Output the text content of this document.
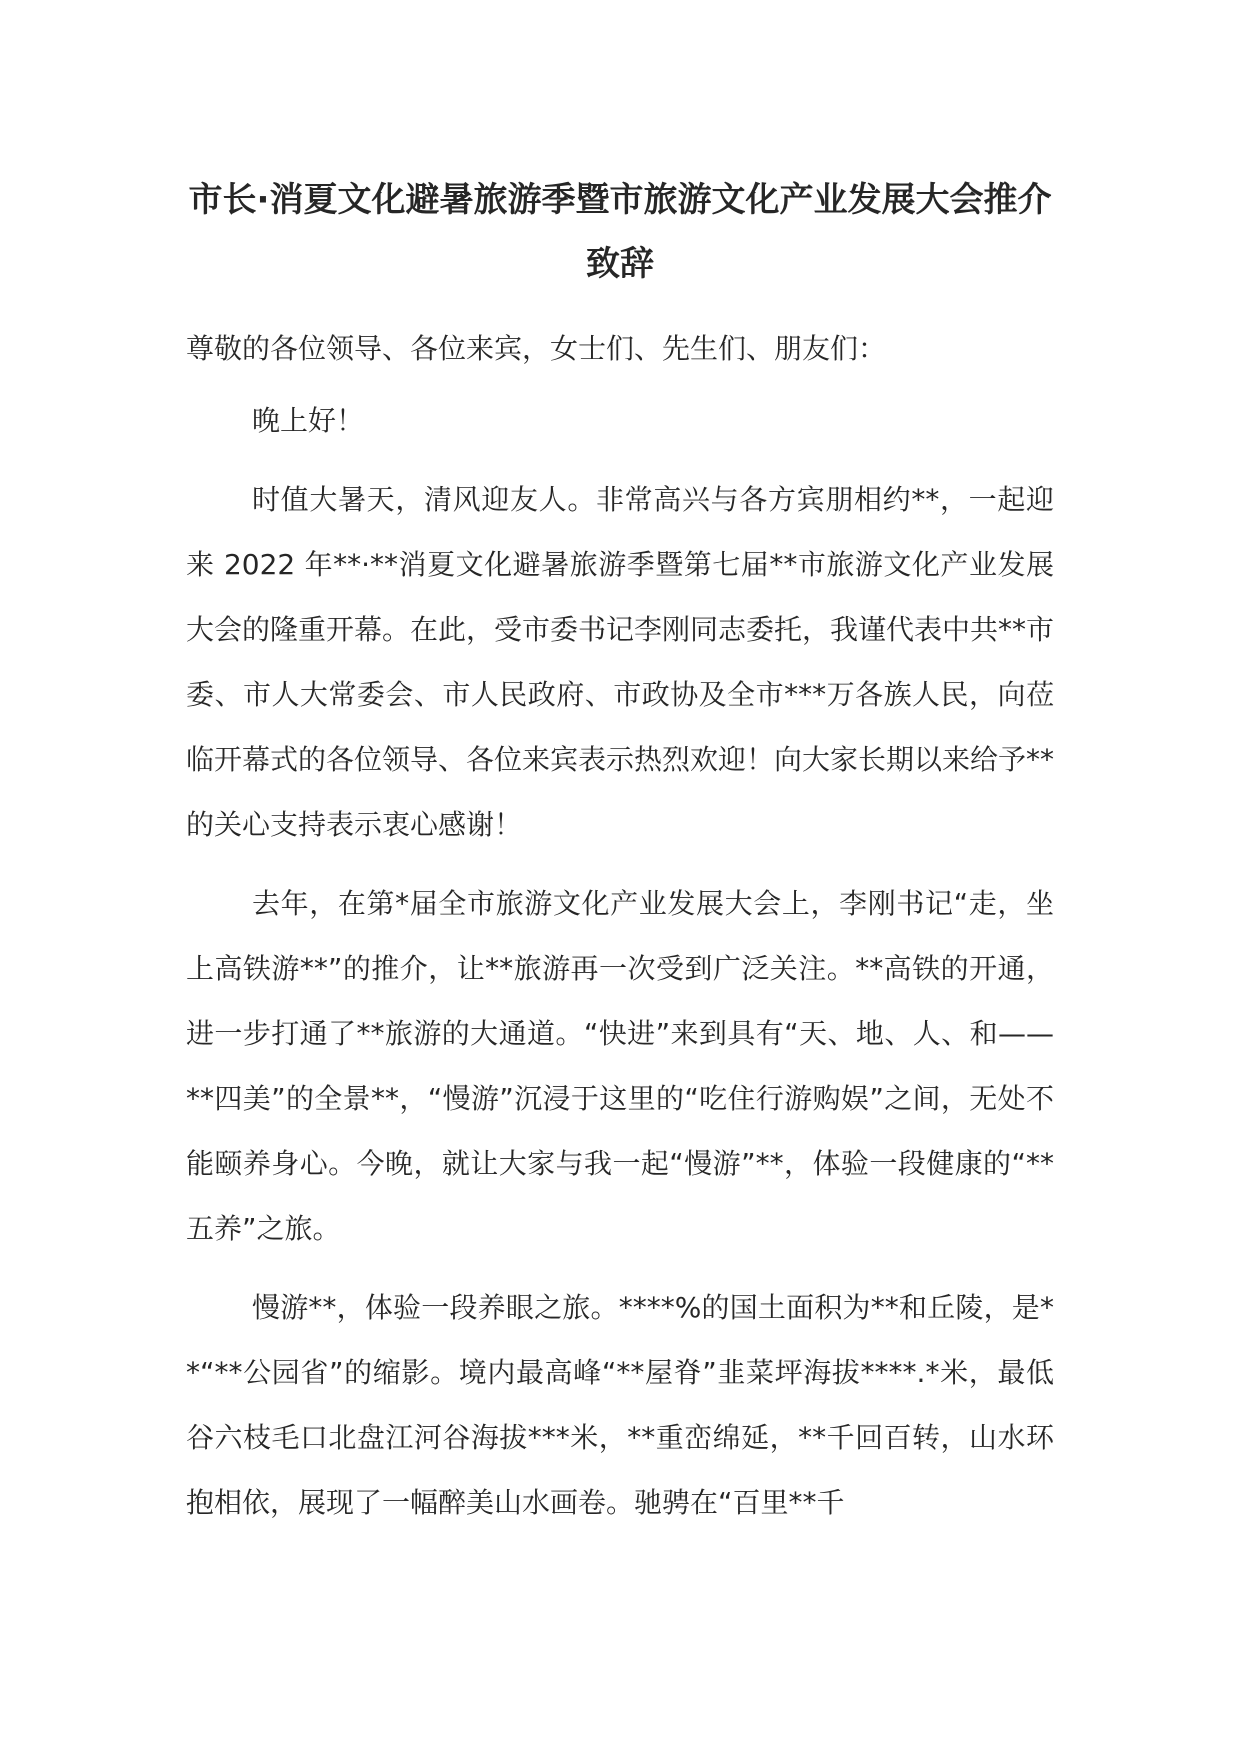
市长·消夏文化避暑旅游季暨市旅游文化产业发展大会推介致辞

尊敬的各位领导、各位来宾，女士们、先生们、朋友们：

晚上好！

时值大暑天，清风迎友人。非常高兴与各方宾朋相约**，一起迎来 2022 年**·**消夏文化避暑旅游季暨第七届**市旅游文化产业发展大会的隆重开幕。在此，受市委书记李刚同志委托，我谨代表中共**市委、市人大常委会、市人民政府、市政协及全市***万各族人民，向莅临开幕式的各位领导、各位来宾表示热烈欢迎！向大家长期以来给予**的关心支持表示衷心感谢！

去年，在第*届全市旅游文化产业发展大会上，李刚书记“走，坐上高铁游**”的推介，让**旅游再一次受到广泛关注。**高铁的开通，进一步打通了**旅游的大通道。“快进”来到具有“天、地、人、和——**四美”的全景**，“慢游”沉浸于这里的“吃住行游购娱”之间，无处不能颐养身心。今晚，就让大家与我一起“慢游”**，体验一段健康的“**五养”之旅。

慢游**，体验一段养眼之旅。****%的国土面积为**和丘陵，是**“**公园省”的缩影。境内最高峰“**屋脊”韭菜坪海拔****.*米，最低谷六枝毛口北盘江河谷海拔***米，**重峦绵延，**千回百转，山水环抱相依，展现了一幅醉美山水画卷。驰骋在“百里**千
